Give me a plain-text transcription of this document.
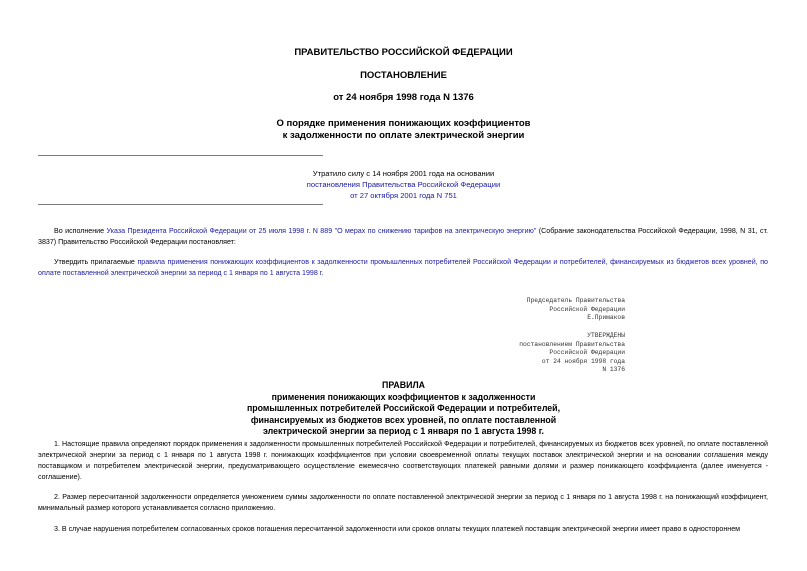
ПРАВИТЕЛЬСТВО РОССИЙСКОЙ ФЕДЕРАЦИИ
ПОСТАНОВЛЕНИЕ
от 24 ноября 1998 года N 1376
О порядке применения понижающих коэффициентов
к задолженности по оплате электрической энергии
Утратило силу с 14 ноября 2001 года на основании
постановления Правительства Российской Федерации
от 27 октября 2001 года N 751
Во исполнение Указа Президента Российской Федерации от 25 июля 1998 г. N 889 "О мерах по снижению тарифов на электрическую энергию" (Собрание законодательства Российской Федерации, 1998, N 31, ст. 3837) Правительство Российской Федерации постановляет:
Утвердить прилагаемые правила применения понижающих коэффициентов к задолженности промышленных потребителей Российской Федерации и потребителей, финансируемых из бюджетов всех уровней, по оплате поставленной электрической энергии за период с 1 января по 1 августа 1998 г.
Председатель Правительства
Российской Федерации
Е.Примаков
УТВЕРЖДЕНЫ
постановлением Правительства
Российской Федерации
от 24 ноября 1998 года
N 1376
ПРАВИЛА
применения понижающих коэффициентов к задолженности
промышленных потребителей Российской Федерации и потребителей,
финансируемых из бюджетов всех уровней, по оплате поставленной
электрической энергии за период с 1 января по 1 августа 1998 г.
1. Настоящие правила определяют порядок применения к задолженности промышленных потребителей Российской Федерации и потребителей, финансируемых из бюджетов всех уровней, по оплате поставленной электрической энергии за период с 1 января по 1 августа 1998 г. понижающих коэффициентов при условии своевременной оплаты текущих поставок электрической энергии и на основании соглашения между поставщиком и потребителем электрической энергии, предусматривающего осуществление ежемесячно соответствующих платежей равными долями и размер понижающего коэффициента (далее именуется - соглашение).
2. Размер пересчитанной задолженности определяется умножением суммы задолженности по оплате поставленной электрической энергии за период с 1 января по 1 августа 1998 г. на понижающий коэффициент, минимальный размер которого устанавливается согласно приложению.
3. В случае нарушения потребителем согласованных сроков погашения пересчитанной задолженности или сроков оплаты текущих платежей поставщик электрической энергии имеет право в одностороннем
